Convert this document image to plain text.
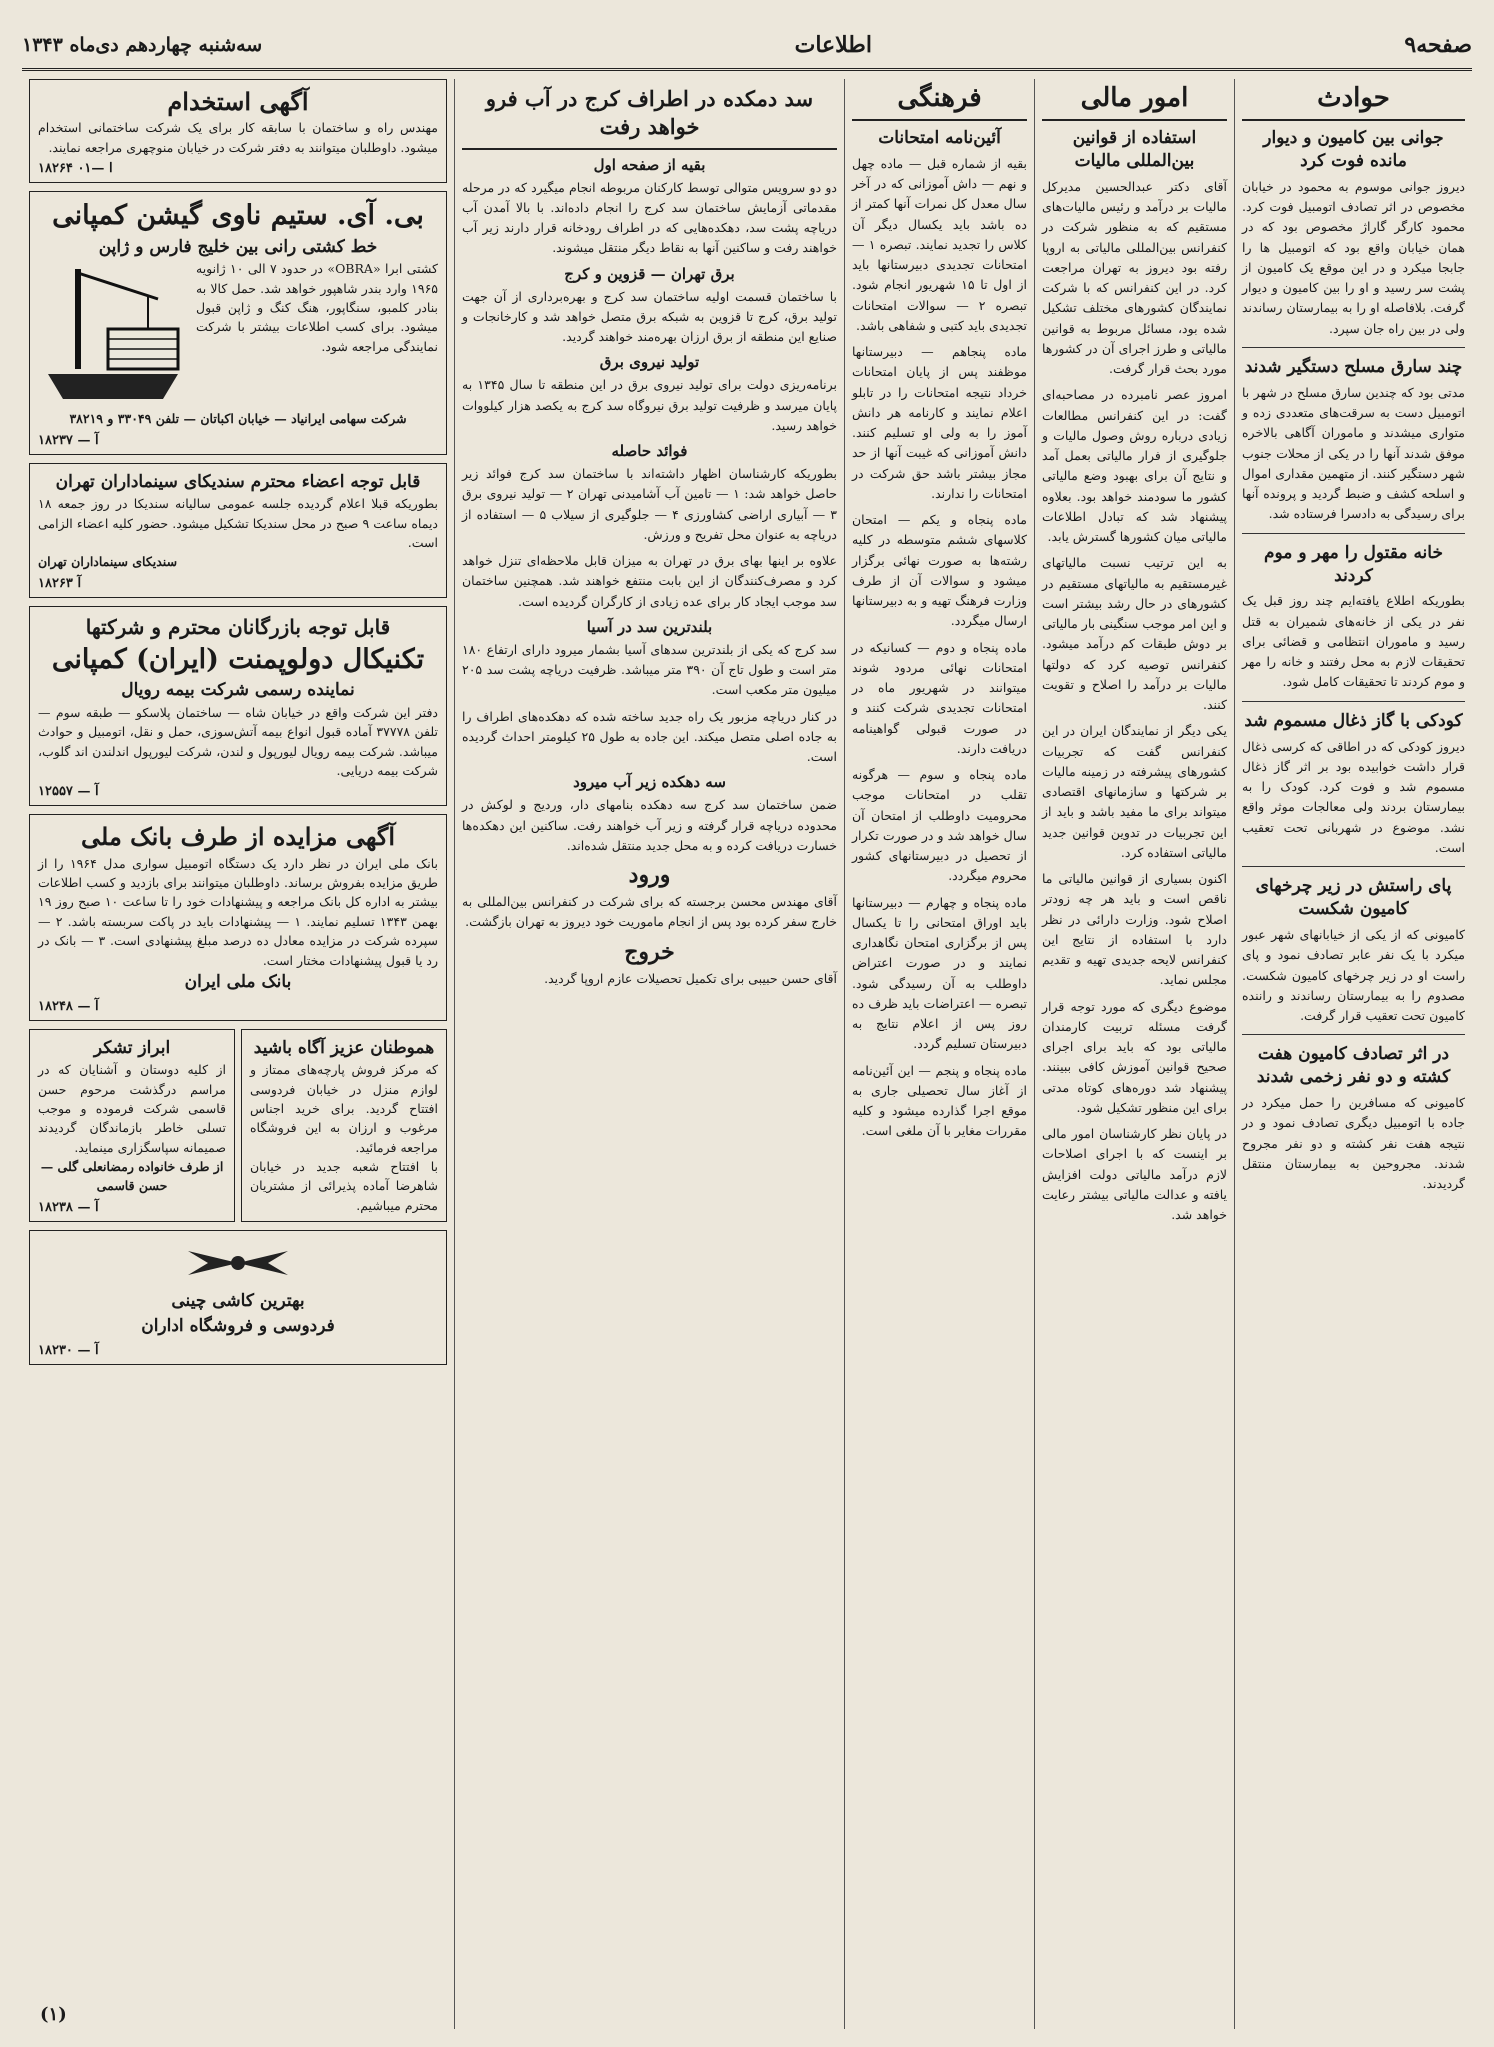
صفحه۹
اطلاعات
سه‌شنبه چهاردهم دی‌ماه ۱۳۴۳
حوادث
جوانی بین کامیون و دیوار مانده فوت کرد

دیروز جوانی موسوم به محمود در خیابان مخصوص در اثر تصادف اتومبیل فوت کرد. محمود کارگر گاراژ مخصوص بود که در همان خیابان واقع بود که اتومبیل ها را جابجا میکرد و در این موقع یک کامیون از پشت سر رسید و او را بین کامیون و دیوار گرفت. بلافاصله او را به بیمارستان رساندند ولی در بین راه جان سپرد.

چند سارق مسلح دستگیر شدند

مدتی بود که چندین سارق مسلح در شهر با اتومبیل دست به سرقت‌های متعددی زده و متواری میشدند و ماموران آگاهی بالاخره موفق شدند آنها را در یکی از محلات جنوب شهر دستگیر کنند. از متهمین مقداری اموال و اسلحه کشف و ضبط گردید و پرونده آنها برای رسیدگی به دادسرا فرستاده شد.

خانه مقتول را مهر و موم کردند

بطوریکه اطلاع یافته‌ایم چند روز قبل یک نفر در یکی از خانه‌های شمیران به قتل رسید و ماموران انتظامی و قضائی برای تحقیقات لازم به محل رفتند و خانه را مهر و موم کردند تا تحقیقات کامل شود.

کودکی با گاز ذغال مسموم شد

دیروز کودکی که در اطاقی که کرسی ذغال قرار داشت خوابیده بود بر اثر گاز ذغال مسموم شد و فوت کرد. کودک را به بیمارستان بردند ولی معالجات موثر واقع نشد. موضوع در شهربانی تحت تعقیب است.

پای راستش در زیر چرخهای کامیون شکست

کامیونی که از یکی از خیابانهای شهر عبور میکرد با یک نفر عابر تصادف نمود و پای راست او در زیر چرخهای کامیون شکست. مصدوم را به بیمارستان رساندند و راننده کامیون تحت تعقیب قرار گرفت.

در اثر تصادف کامیون هفت کشته و دو نفر زخمی شدند

کامیونی که مسافرین را حمل میکرد در جاده با اتومبیل دیگری تصادف نمود و در نتیجه هفت نفر کشته و دو نفر مجروح شدند. مجروحین به بیمارستان منتقل گردیدند.

امور مالی
استفاده از قوانین بین‌المللی مالیات

آقای دکتر عبدالحسین مدیرکل مالیات بر درآمد و رئیس مالیات‌های مستقیم که به منظور شرکت در کنفرانس بین‌المللی مالیاتی به اروپا رفته بود دیروز به تهران مراجعت کرد. در این کنفرانس که با شرکت نمایندگان کشورهای مختلف تشکیل شده بود، مسائل مربوط به قوانین مالیاتی و طرز اجرای آن در کشورها مورد بحث قرار گرفت.

امروز عصر نامبرده در مصاحبه‌ای گفت: در این کنفرانس مطالعات زیادی درباره روش وصول مالیات و جلوگیری از فرار مالیاتی بعمل آمد و نتایج آن برای بهبود وضع مالیاتی کشور ما سودمند خواهد بود. بعلاوه پیشنهاد شد که تبادل اطلاعات مالیاتی میان کشورها گسترش یابد.

به این ترتیب نسبت مالیاتهای غیرمستقیم به مالیاتهای مستقیم در کشورهای در حال رشد بیشتر است و این امر موجب سنگینی بار مالیاتی بر دوش طبقات کم درآمد میشود. کنفرانس توصیه کرد که دولتها مالیات بر درآمد را اصلاح و تقویت کنند.

یکی دیگر از نمایندگان ایران در این کنفرانس گفت که تجربیات کشورهای پیشرفته در زمینه مالیات بر شرکتها و سازمانهای اقتصادی میتواند برای ما مفید باشد و باید از این تجربیات در تدوین قوانین جدید مالیاتی استفاده کرد.

اکنون بسیاری از قوانین مالیاتی ما ناقص است و باید هر چه زودتر اصلاح شود. وزارت دارائی در نظر دارد با استفاده از نتایج این کنفرانس لایحه جدیدی تهیه و تقدیم مجلس نماید.

موضوع دیگری که مورد توجه قرار گرفت مسئله تربیت کارمندان مالیاتی بود که باید برای اجرای صحیح قوانین آموزش کافی ببینند. پیشنهاد شد دوره‌های کوتاه مدتی برای این منظور تشکیل شود.

در پایان نظر کارشناسان امور مالی بر اینست که با اجرای اصلاحات لازم درآمد مالیاتی دولت افزایش یافته و عدالت مالیاتی بیشتر رعایت خواهد شد.

فرهنگی
آئین‌نامه امتحانات

بقیه از شماره قبل — ماده چهل و نهم — داش آموزانی که در آخر سال معدل کل نمرات آنها کمتر از ده باشد باید یکسال دیگر آن کلاس را تجدید نمایند. تبصره ۱ — امتحانات تجدیدی دبیرستانها باید از اول تا ۱۵ شهریور انجام شود. تبصره ۲ — سوالات امتحانات تجدیدی باید کتبی و شفاهی باشد.

ماده پنجاهم — دبیرستانها موظفند پس از پایان امتحانات خرداد نتیجه امتحانات را در تابلو اعلام نمایند و کارنامه هر دانش آموز را به ولی او تسلیم کنند. دانش آموزانی که غیبت آنها از حد مجاز بیشتر باشد حق شرکت در امتحانات را ندارند.

ماده پنجاه و یکم — امتحان کلاسهای ششم متوسطه در کلیه رشته‌ها به صورت نهائی برگزار میشود و سوالات آن از طرف وزارت فرهنگ تهیه و به دبیرستانها ارسال میگردد.

ماده پنجاه و دوم — کسانیکه در امتحانات نهائی مردود شوند میتوانند در شهریور ماه در امتحانات تجدیدی شرکت کنند و در صورت قبولی گواهینامه دریافت دارند.

ماده پنجاه و سوم — هرگونه تقلب در امتحانات موجب محرومیت داوطلب از امتحان آن سال خواهد شد و در صورت تکرار از تحصیل در دبیرستانهای کشور محروم میگردد.

ماده پنجاه و چهارم — دبیرستانها باید اوراق امتحانی را تا یکسال پس از برگزاری امتحان نگاهداری نمایند و در صورت اعتراض داوطلب به آن رسیدگی شود. تبصره — اعتراضات باید ظرف ده روز پس از اعلام نتایج به دبیرستان تسلیم گردد.

ماده پنجاه و پنجم — این آئین‌نامه از آغاز سال تحصیلی جاری به موقع اجرا گذارده میشود و کلیه مقررات مغایر با آن ملغی است.

سد دمکده در اطراف کرج در آب فرو خواهد رفت
بقیه از صفحه اول

دو دو سرویس متوالی توسط کارکنان مربوطه انجام میگیرد که در مرحله مقدماتی آزمایش ساختمان سد کرج را انجام داده‌اند. با بالا آمدن آب دریاچه پشت سد، دهکده‌هایی که در اطراف رودخانه قرار دارند زیر آب خواهند رفت و ساکنین آنها به نقاط دیگر منتقل میشوند.

برق تهران — قزوین و کرج

با ساختمان قسمت اولیه ساختمان سد کرج و بهره‌برداری از آن جهت تولید برق، کرج تا قزوین به شبکه برق متصل خواهد شد و کارخانجات و صنایع این منطقه از برق ارزان بهره‌مند خواهند گردید.

تولید نیروی برق

برنامه‌ریزی دولت برای تولید نیروی برق در این منطقه تا سال ۱۳۴۵ به پایان میرسد و ظرفیت تولید برق نیروگاه سد کرج به یکصد هزار کیلووات خواهد رسید.

فوائد حاصله

بطوریکه کارشناسان اظهار داشته‌اند با ساختمان سد کرج فوائد زیر حاصل خواهد شد: ۱ — تامین آب آشامیدنی تهران ۲ — تولید نیروی برق ۳ — آبیاری اراضی کشاورزی ۴ — جلوگیری از سیلاب ۵ — استفاده از دریاچه به عنوان محل تفریح و ورزش.

علاوه بر اینها بهای برق در تهران به میزان قابل ملاحظه‌ای تنزل خواهد کرد و مصرف‌کنندگان از این بابت منتفع خواهند شد. همچنین ساختمان سد موجب ایجاد کار برای عده زیادی از کارگران گردیده است.

بلندترین سد در آسیا

سد کرج که یکی از بلندترین سدهای آسیا بشمار میرود دارای ارتفاع ۱۸۰ متر است و طول تاج آن ۳۹۰ متر میباشد. ظرفیت دریاچه پشت سد ۲۰۵ میلیون متر مکعب است.

در کنار دریاچه مزبور یک راه جدید ساخته شده که دهکده‌های اطراف را به جاده اصلی متصل میکند. این جاده به طول ۲۵ کیلومتر احداث گردیده است.

سه دهکده زیر آب میرود

ضمن ساختمان سد کرج سه دهکده بنامهای دار، وردیج و لوکش در محدوده دریاچه قرار گرفته و زیر آب خواهند رفت. ساکنین این دهکده‌ها خسارت دریافت کرده و به محل جدید منتقل شده‌اند.

ورود

آقای مهندس محسن برجسته که برای شرکت در کنفرانس بین‌المللی به خارج سفر کرده بود پس از انجام ماموریت خود دیروز به تهران بازگشت.

خروج

آقای حسن حبیبی برای تکمیل تحصیلات عازم اروپا گردید.

آگهی استخدام
مهندس راه و ساختمان با سابقه کار برای یک شرکت ساختمانی استخدام میشود. داوطلبان میتوانند به دفتر شرکت در خیابان منوچهری مراجعه نمایند.
۱۸۲۶۴ ا —۰۱
بی. آی. ستیم ناوی گیشن کمپانی
خط کشتی رانی بین خلیج فارس و ژاپن
کشتی ابرا «OBRA» در حدود ۷ الی ۱۰ ژانویه ۱۹۶۵ وارد بندر شاهپور خواهد شد. حمل کالا به بنادر کلمبو، سنگاپور، هنگ کنگ و ژاپن قبول میشود. برای کسب اطلاعات بیشتر با شرکت نمایندگی مراجعه شود.
شرکت سهامی ایرانیاد — خیابان اکباتان — تلفن ۳۳۰۴۹ و ۳۸۲۱۹
۱۸۲۳۷ — آ
قابل توجه اعضاء محترم سندیکای سینماداران تهران
بطوریکه قبلا اعلام گردیده جلسه عمومی سالیانه سندیکا در روز جمعه ۱۸ دیماه ساعت ۹ صبح در محل سندیکا تشکیل میشود. حضور کلیه اعضاء الزامی است.
سندیکای سینماداران تهران
۱۸۲۶۳ آ
قابل توجه بازرگانان محترم و شرکتها
تکنیکال دولوپمنت (ایران) کمپانی
نماینده رسمی شرکت بیمه رویال
دفتر این شرکت واقع در خیابان شاه — ساختمان پلاسکو — طبقه سوم — تلفن ۳۷۷۷۸ آماده قبول انواع بیمه آتش‌سوزی، حمل و نقل، اتومبیل و حوادث میباشد. شرکت بیمه رویال لیورپول و لندن، شرکت لیورپول اندلندن اند گلوب، شرکت بیمه دریایی.
۱۲۵۵۷ — آ
آگهی مزایده از طرف بانک ملی
بانک ملی ایران در نظر دارد یک دستگاه اتومبیل سواری مدل ۱۹۶۴ را از طریق مزایده بفروش برساند. داوطلبان میتوانند برای بازدید و کسب اطلاعات بیشتر به اداره کل بانک مراجعه و پیشنهادات خود را تا ساعت ۱۰ صبح روز ۱۹ بهمن ۱۳۴۳ تسلیم نمایند. ۱ — پیشنهادات باید در پاکت سربسته باشد. ۲ — سپرده شرکت در مزایده معادل ده درصد مبلغ پیشنهادی است. ۳ — بانک در رد یا قبول پیشنهادات مختار است.
بانک ملی ایران
۱۸۲۴۸ — آ
هموطنان عزیز آگاه باشید
که مرکز فروش پارچه‌های ممتاز و لوازم منزل در خیابان فردوسی افتتاح گردید. برای خرید اجناس مرغوب و ارزان به این فروشگاه مراجعه فرمائید.
با افتتاح شعبه جدید در خیابان شاهرضا آماده پذیرائی از مشتریان محترم میباشیم.
ابراز تشکر
از کلیه دوستان و آشنایان که در مراسم درگذشت مرحوم حسن قاسمی شرکت فرموده و موجب تسلی خاطر بازماندگان گردیدند صمیمانه سپاسگزاری مینماید.
از طرف خانواده رمضانعلی گلی — حسن قاسمی
۱۸۲۳۸ — آ
بهترین کاشی چینی
فردوسی و فروشگاه اداران
۱۸۲۳۰ — آ
(۱)
